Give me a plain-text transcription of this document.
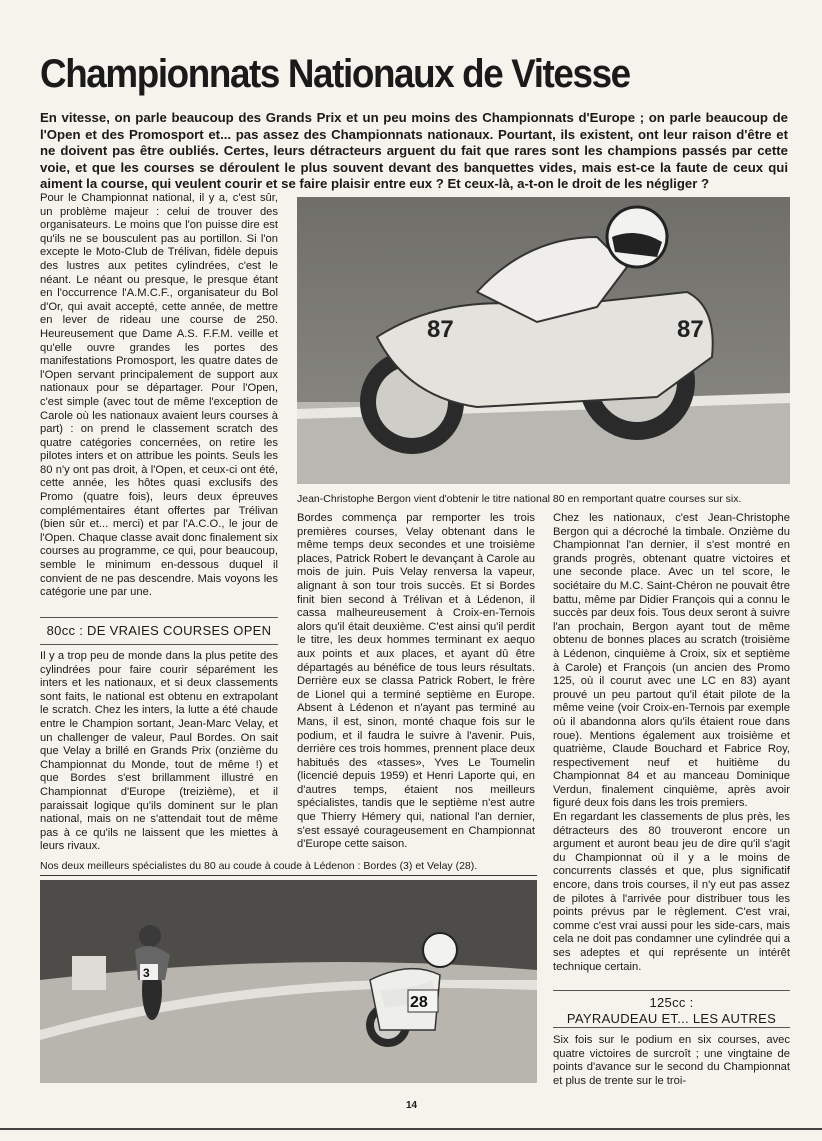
Championnats Nationaux de Vitesse
En vitesse, on parle beaucoup des Grands Prix et un peu moins des Championnats d'Europe ; on parle beaucoup de l'Open et des Promosport et... pas assez des Championnats nationaux. Pourtant, ils existent, ont leur raison d'être et ne doivent pas être oubliés. Certes, leurs détracteurs arguent du fait que rares sont les champions passés par cette voie, et que les courses se déroulent le plus souvent devant des banquettes vides, mais est-ce la faute de ceux qui aiment la course, qui veulent courir et se faire plaisir entre eux ? Et ceux-là, a-t-on le droit de les négliger ?
Pour le Championnat national, il y a, c'est sûr, un problème majeur : celui de trouver des organisateurs. Le moins que l'on puisse dire est qu'ils ne se bousculent pas au portillon. Si l'on excepte le Moto-Club de Trélivan, fidèle depuis des lustres aux petites cylindrées, c'est le néant. Le néant ou presque, le presque étant en l'occurrence l'A.M.C.F., organisateur du Bol d'Or, qui avait accepté, cette année, de mettre en lever de rideau une course de 250. Heureusement que Dame A.S. F.F.M. veille et qu'elle ouvre grandes les portes des manifestations Promosport, les quatre dates de l'Open servant principalement de support aux nationaux pour se départager. Pour l'Open, c'est simple (avec tout de même l'exception de Carole où les nationaux avaient leurs courses à part) : on prend le classement scratch des quatre catégories concernées, on retire les pilotes inters et on attribue les points. Seuls les 80 n'y ont pas droit, à l'Open, et ceux-ci ont été, cette année, les hôtes quasi exclusifs des Promo (quatre fois), leurs deux épreuves complémentaires étant offertes par Trélivan (bien sûr et... merci) et par l'A.C.O., le jour de l'Open. Chaque classe avait donc finalement six courses au programme, ce qui, pour beaucoup, semble le minimum en-dessous duquel il convient de ne pas descendre. Mais voyons les catégorie une par une.
80cc : DE VRAIES COURSES OPEN
Il y a trop peu de monde dans la plus petite des cylindrées pour faire courir séparément les inters et les nationaux, et si deux classements sont faits, le national est obtenu en extrapolant le scratch. Chez les inters, la lutte a été chaude entre le Champion sortant, Jean-Marc Velay, et un challenger de valeur, Paul Bordes. On sait que Velay a brillé en Grands Prix (onzième du Championnat du Monde, tout de même !) et que Bordes s'est brillamment illustré en Championnat d'Europe (treizième), et il paraissait logique qu'ils dominent sur le plan national, mais on ne s'attendait tout de même pas à ce qu'ils ne laissent que les miettes à leurs rivaux.
87	87
Jean-Christophe Bergon vient d'obtenir le titre national 80 en remportant quatre courses sur six.
Bordes commença par remporter les trois premières courses, Velay obtenant dans le même temps deux secondes et une troisième places, Patrick Robert le devançant à Carole au mois de juin. Puis Velay renversa la vapeur, alignant à son tour trois succès. Et si Bordes finit bien second à Trélivan et à Lédenon, il cassa malheureusement à Croix-en-Ternois alors qu'il était deuxième. C'est ainsi qu'il perdit le titre, les deux hommes terminant ex aequo aux points et aux places, et ayant dû être départagés au bénéfice de tous leurs résultats. Derrière eux se classa Patrick Robert, le frère de Lionel qui a terminé septième en Europe. Absent à Lédenon et n'ayant pas terminé au Mans, il est, sinon, monté chaque fois sur le podium, et il faudra le suivre à l'avenir. Puis, derrière ces trois hommes, prennent place deux habitués des «tasses», Yves Le Toumelin (licencié depuis 1959) et Henri Laporte qui, en d'autres temps, étaient nos meilleurs spécialistes, tandis que le septième n'est autre que Thierry Hémery qui, national l'an dernier, s'est essayé courageusement en Championnat d'Europe cette saison.
Chez les nationaux, c'est Jean-Christophe Bergon qui a décroché la timbale. Onzième du Championnat l'an dernier, il s'est montré en grands progrès, obtenant quatre victoires et une seconde place. Avec un tel score, le sociétaire du M.C. Saint-Chéron ne pouvait être battu, même par Didier François qui a connu le succès par deux fois. Tous deux seront à suivre l'an prochain, Bergon ayant tout de même obtenu de bonnes places au scratch (troisième à Lédenon, cinquième à Croix, six et septième à Carole) et François (un ancien des Promo 125, où il courut avec une LC en 83) ayant prouvé un peu partout qu'il était pilote de la même veine (voir Croix-en-Ternois par exemple où il abandonna alors qu'ils étaient roue dans roue). Mentions également aux troisième et quatrième, Claude Bouchard et Fabrice Roy, respectivement neuf et huitième du Championnat 84 et au manceau Dominique Verdun, finalement cinquième, après avoir figuré deux fois dans les trois premiers.
En regardant les classements de plus près, les détracteurs des 80 trouveront encore un argument et auront beau jeu de dire qu'il s'agit du Championnat où il y a le moins de concurrents classés et que, plus significatif encore, dans trois courses, il n'y eut pas assez de pilotes à l'arrivée pour distribuer tous les points prévus par le règlement. C'est vrai, comme c'est vrai aussi pour les side-cars, mais cela ne doit pas condamner une cylindrée qui a ses adeptes et qui représente un intérêt technique certain.
Nos deux meilleurs spécialistes du 80 au coude à coude à Lédenon : Bordes (3) et Velay (28).
3
28	125cc :
PAYRAUDEAU ET... LES AUTRES
Six fois sur le podium en six courses, avec quatre victoires de surcroît ; une vingtaine de points d'avance sur le second du Championnat et plus de trente sur le troi-
14
